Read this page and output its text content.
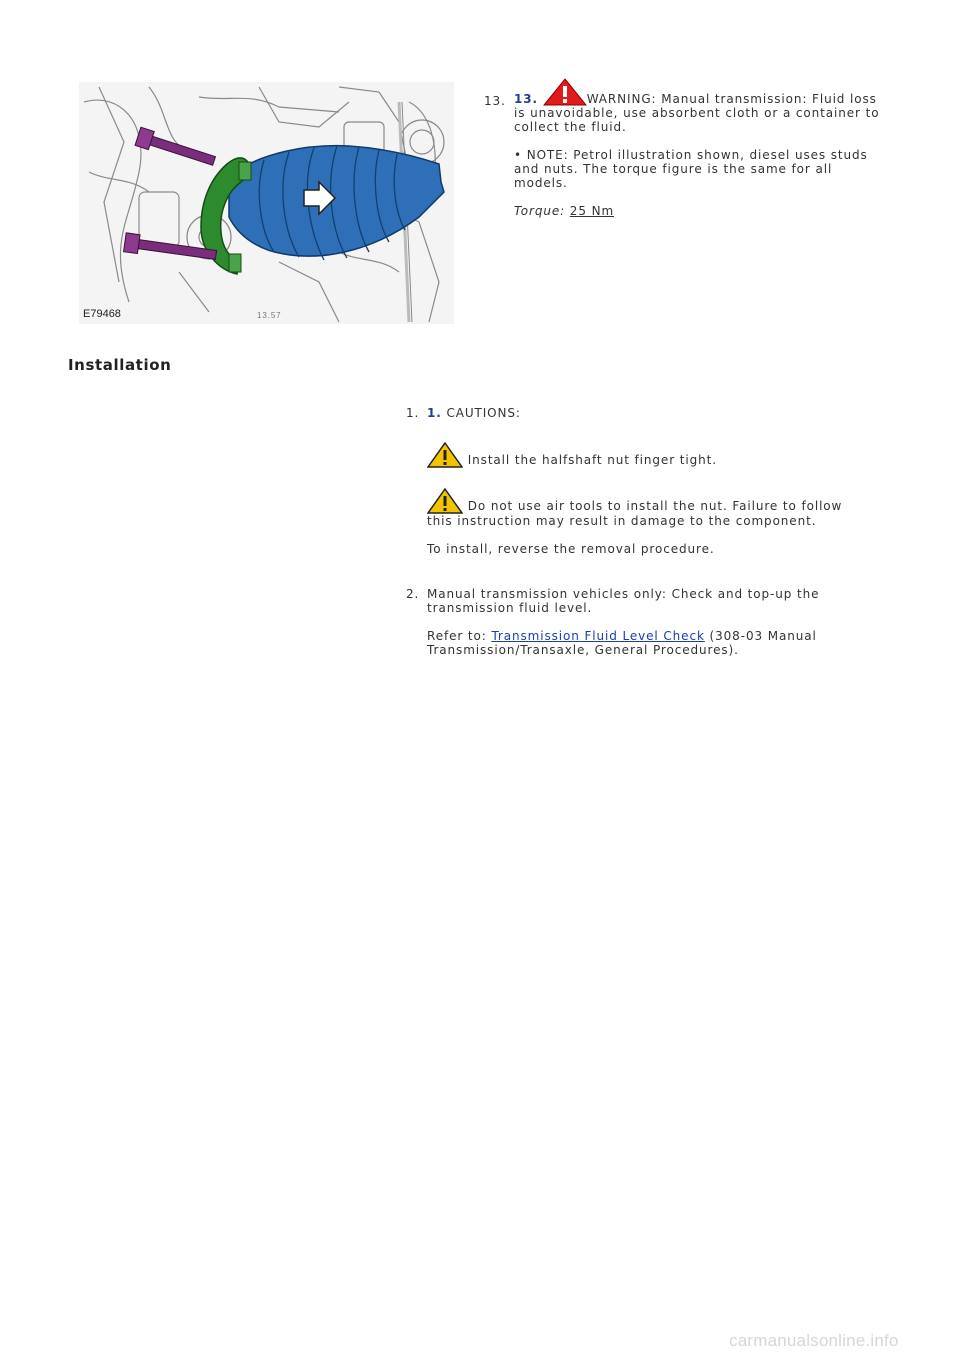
13.57
E79468
13. 13.	WARNING: Manual transmission: Fluid loss is unavoidable, use absorbent cloth or a container to collect the fluid.

• NOTE: Petrol illustration shown, diesel uses studs and nuts. The torque figure is the same for all models.

Torque: 25 Nm

Installation
1. 1. CAUTIONS:

Install the halfshaft nut finger tight.

Do not use air tools to install the nut. Failure to follow this instruction may result in damage to the component.

To install, reverse the removal procedure.

2. Manual transmission vehicles only: Check and top-up the transmission fluid level.

Refer to: Transmission Fluid Level Check (308-03 Manual Transmission/Transaxle, General Procedures).

carmanualsonline.info
